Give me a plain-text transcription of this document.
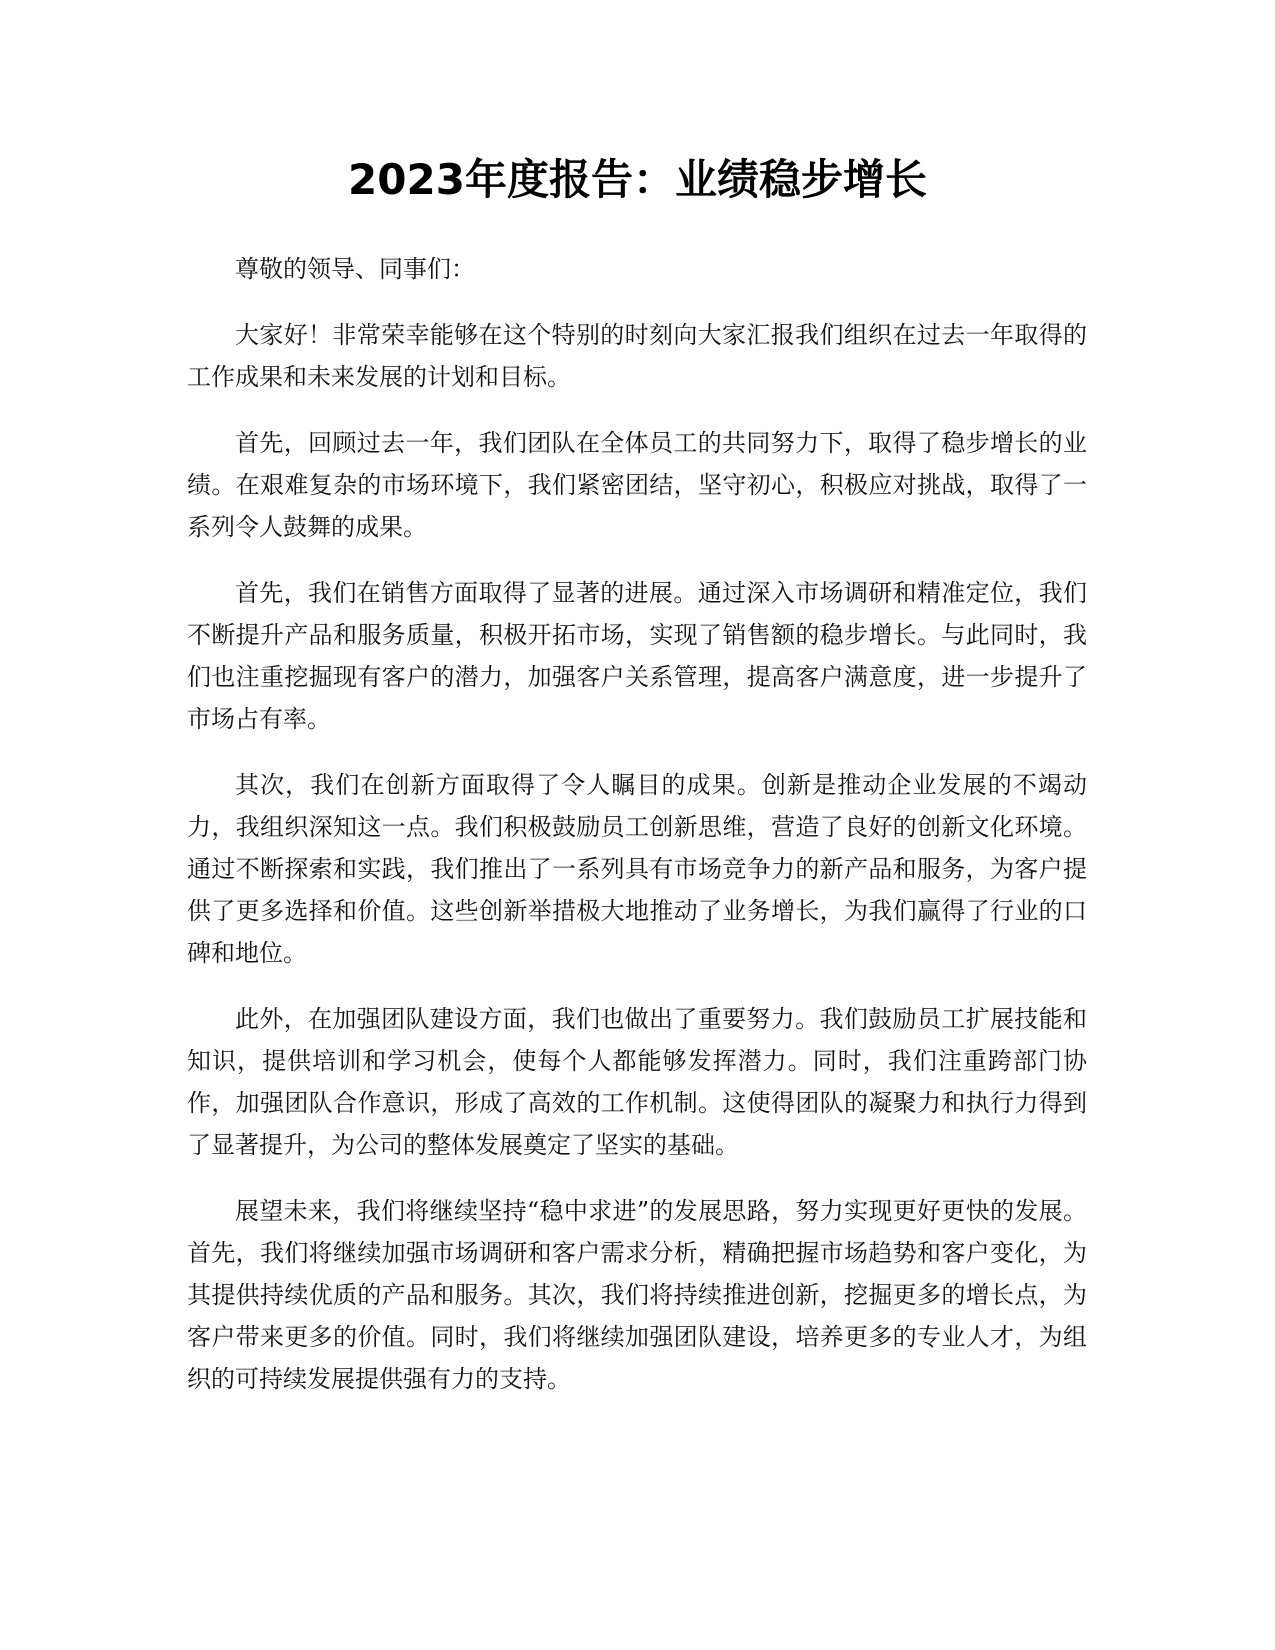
2023年度报告：业绩稳步增长

尊敬的领导、同事们：

大家好！非常荣幸能够在这个特别的时刻向大家汇报我们组织在过去一年取得的工作成果和未来发展的计划和目标。

首先，回顾过去一年，我们团队在全体员工的共同努力下，取得了稳步增长的业绩。在艰难复杂的市场环境下，我们紧密团结，坚守初心，积极应对挑战，取得了一系列令人鼓舞的成果。

首先，我们在销售方面取得了显著的进展。通过深入市场调研和精准定位，我们不断提升产品和服务质量，积极开拓市场，实现了销售额的稳步增长。与此同时，我们也注重挖掘现有客户的潜力，加强客户关系管理，提高客户满意度，进一步提升了市场占有率。

其次，我们在创新方面取得了令人瞩目的成果。创新是推动企业发展的不竭动力，我组织深知这一点。我们积极鼓励员工创新思维，营造了良好的创新文化环境。通过不断探索和实践，我们推出了一系列具有市场竞争力的新产品和服务，为客户提供了更多选择和价值。这些创新举措极大地推动了业务增长，为我们赢得了行业的口碑和地位。

此外，在加强团队建设方面，我们也做出了重要努力。我们鼓励员工扩展技能和知识，提供培训和学习机会，使每个人都能够发挥潜力。同时，我们注重跨部门协作，加强团队合作意识，形成了高效的工作机制。这使得团队的凝聚力和执行力得到了显著提升，为公司的整体发展奠定了坚实的基础。

展望未来，我们将继续坚持“稳中求进”的发展思路，努力实现更好更快的发展。首先，我们将继续加强市场调研和客户需求分析，精确把握市场趋势和客户变化，为其提供持续优质的产品和服务。其次，我们将持续推进创新，挖掘更多的增长点，为客户带来更多的价值。同时，我们将继续加强团队建设，培养更多的专业人才，为组织的可持续发展提供强有力的支持。
